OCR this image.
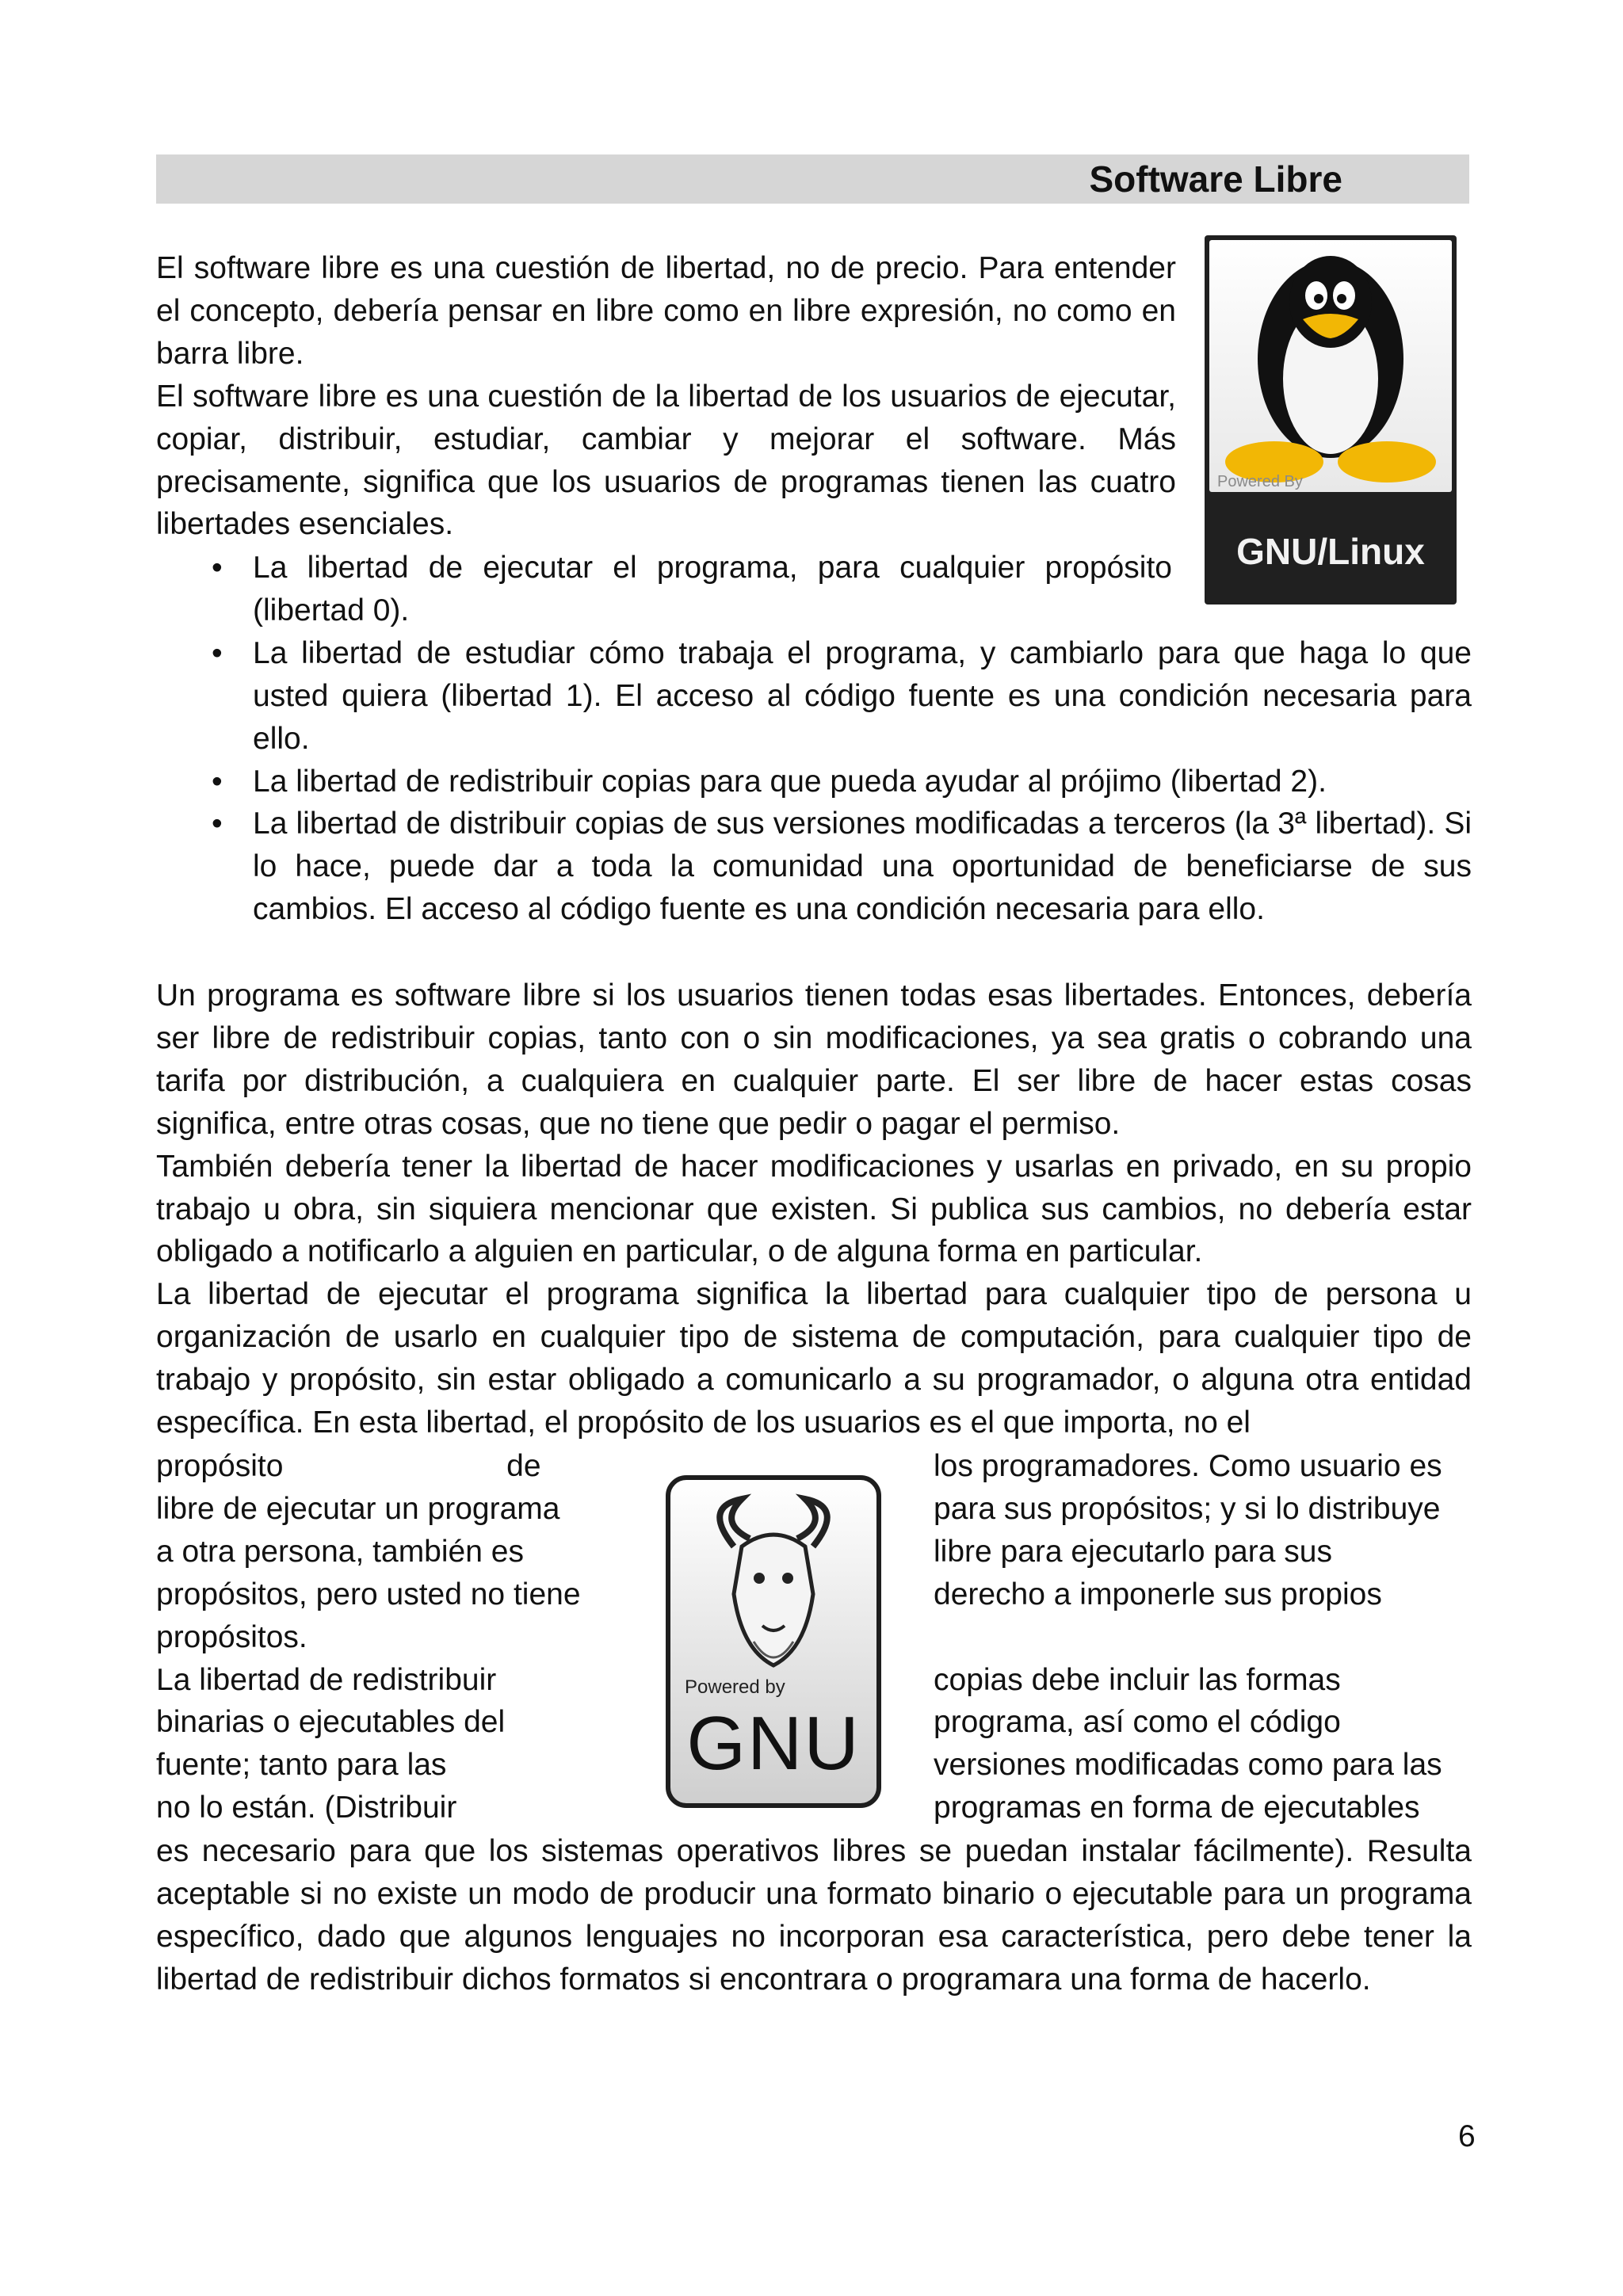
Software Libre

El software libre es una cuestión de libertad, no de precio. Para entender el concepto, debería pensar en libre como en libre expresión, no como en barra libre.

El software libre es una cuestión de la libertad de los usuarios de ejecutar, copiar, distribuir, estudiar, cambiar y mejorar el software. Más precisamente, significa que los usuarios de programas tienen las cuatro libertades esenciales.

• La libertad de ejecutar el programa, para cualquier propósito (libertad 0).
• La libertad de estudiar cómo trabaja el programa, y cambiarlo para que haga lo que usted quiera (libertad 1). El acceso al código fuente es una condición necesaria para ello.
• La libertad de redistribuir copias para que pueda ayudar al prójimo (libertad 2).
• La libertad de distribuir copias de sus versiones modificadas a terceros (la 3ª libertad). Si lo hace, puede dar a toda la comunidad una oportunidad de beneficiarse de sus cambios. El acceso al código fuente es una condición necesaria para ello.

Un programa es software libre si los usuarios tienen todas esas libertades. Entonces, debería ser libre de redistribuir copias, tanto con o sin modificaciones, ya sea gratis o cobrando una tarifa por distribución, a cualquiera en cualquier parte. El ser libre de hacer estas cosas significa, entre otras cosas, que no tiene que pedir o pagar el permiso.

También debería tener la libertad de hacer modificaciones y usarlas en privado, en su propio trabajo u obra, sin siquiera mencionar que existen. Si publica sus cambios, no debería estar obligado a notificarlo a alguien en particular, o de alguna forma en particular.

La libertad de ejecutar el programa significa la libertad para cualquier tipo de persona u organización de usarlo en cualquier tipo de sistema de computación, para cualquier tipo de trabajo y propósito, sin estar obligado a comunicarlo a su programador, o alguna otra entidad específica. En esta libertad, el propósito de los usuarios es el que importa, no el

propósito                          de
libre de ejecutar un programa
a otra persona, también es
propósitos, pero usted no tiene
propósitos.
La libertad de redistribuir
binarias o ejecutables del
fuente; tanto para las
no lo están. (Distribuir
los programadores. Como usuario es
para sus propósitos; y si lo distribuye
libre para ejecutarlo para sus
derecho a imponerle sus propios
copias debe incluir las formas
programa, así como el código
versiones modificadas como para las
programas en forma de ejecutables

es necesario para que los sistemas operativos libres se puedan instalar fácilmente). Resulta aceptable si no existe un modo de producir una formato binario o ejecutable para un programa específico, dado que algunos lenguajes no incorporan esa característica, pero debe tener la libertad de redistribuir dichos formatos si encontrara o programara una forma de hacerlo.

Powered By
GNU/Linux
Powered by
GNU
6
